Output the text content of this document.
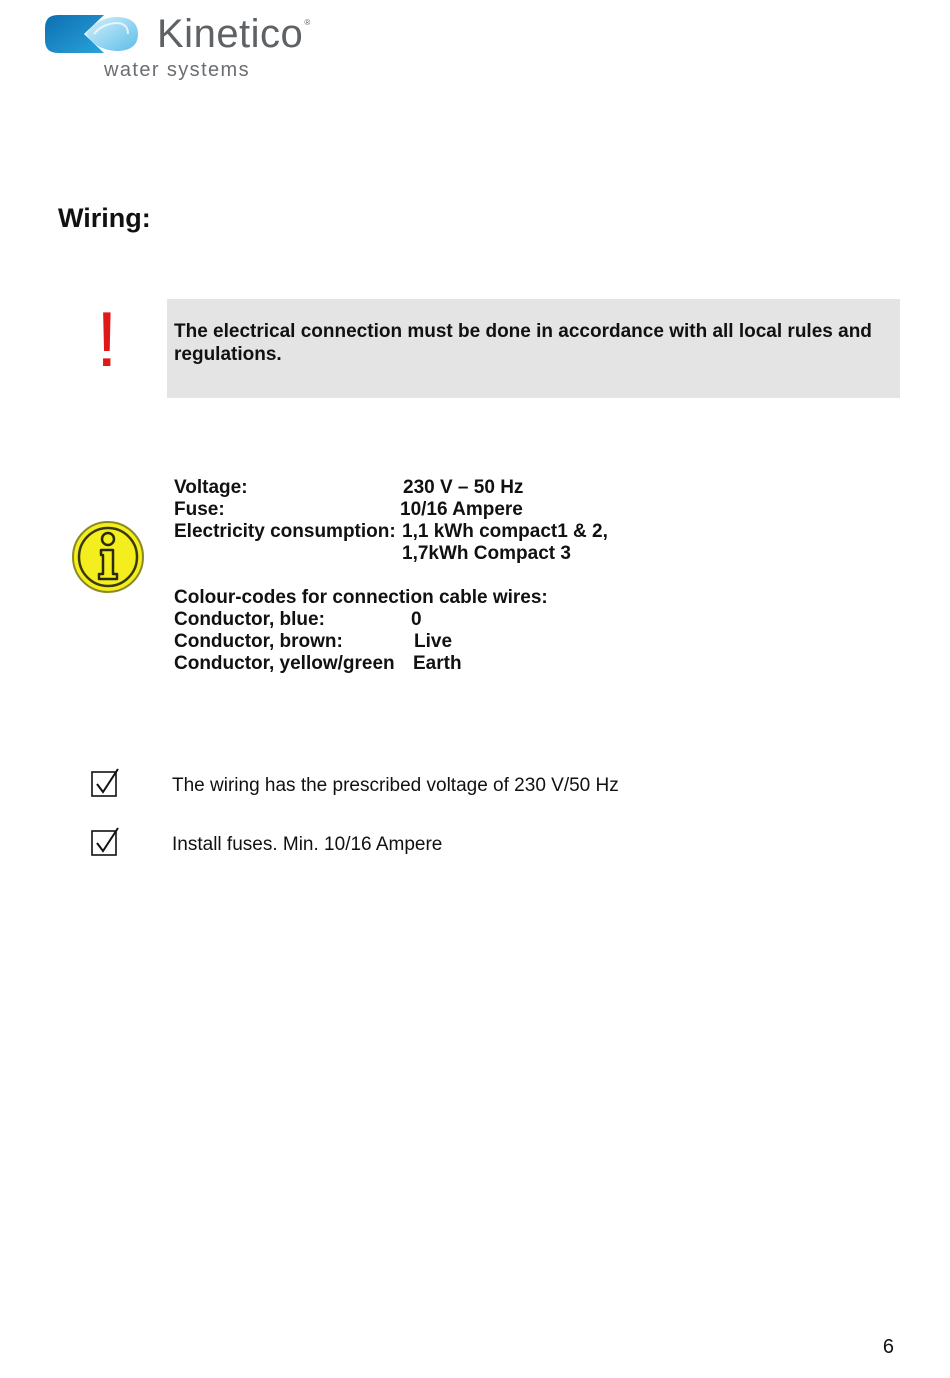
Kinetico®
water systems
Wiring:
!	The electrical connection must be done in accordance with all local rules and regulations.
Voltage:	230 V – 50 Hz
Fuse:	10/16 Ampere
Electricity consumption: 1,1 kWh compact1 & 2,
1,7kWh Compact 3
Colour-codes for connection cable wires:
Conductor, blue:	0
Conductor, brown:	Live
Conductor, yellow/green Earth
The wiring has the prescribed voltage of 230 V/50 Hz
Install fuses. Min. 10/16 Ampere
6
